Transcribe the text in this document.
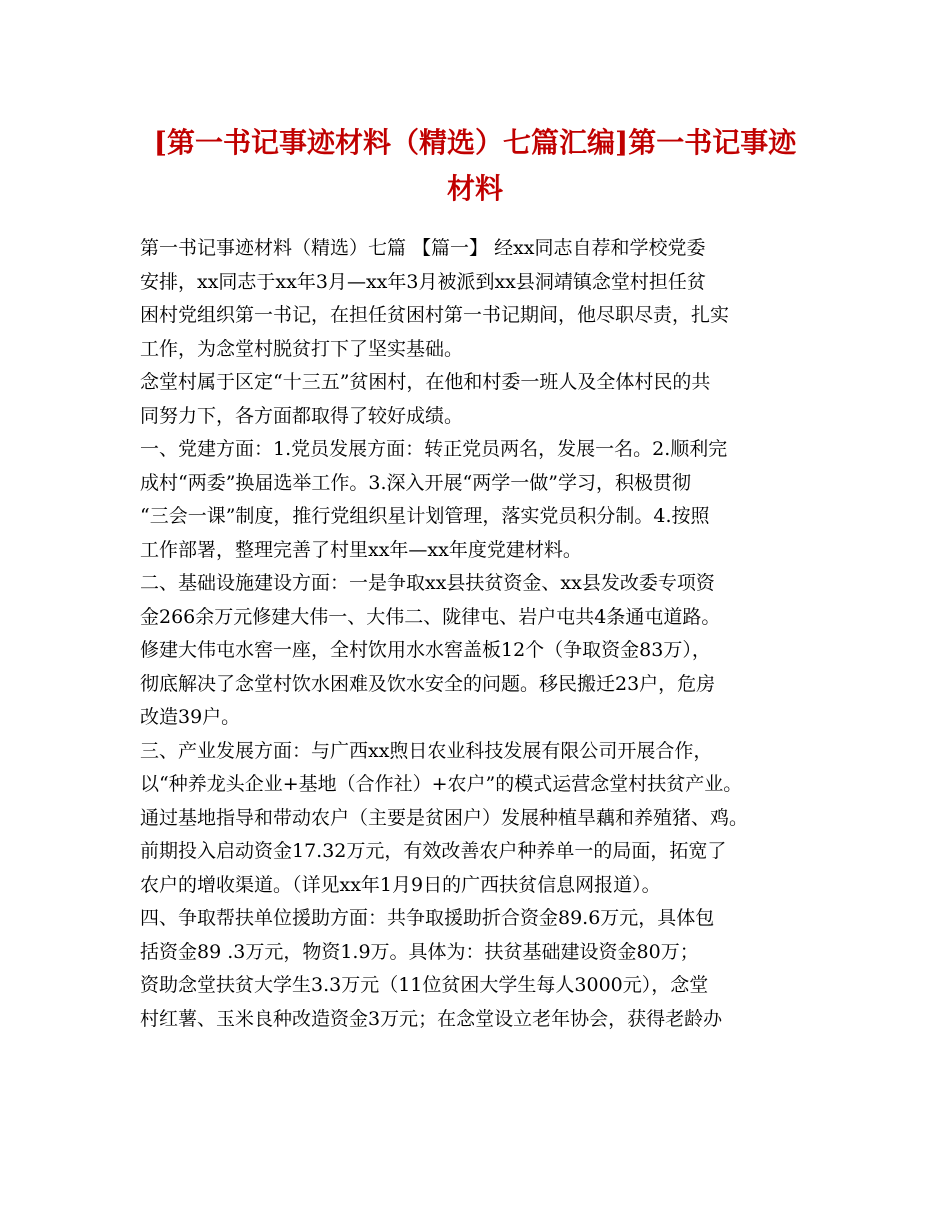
[第一书记事迹材料（精选）七篇汇编]第一书记事迹
材料
第一书记事迹材料（精选）七篇 【篇一】 经xx同志自荐和学校党委
安排，xx同志于xx年3月—xx年3月被派到xx县洞靖镇念堂村担任贫
困村党组织第一书记，在担任贫困村第一书记期间，他尽职尽责，扎实
工作，为念堂村脱贫打下了坚实基础。
念堂村属于区定“十三五”贫困村，在他和村委一班人及全体村民的共
同努力下，各方面都取得了较好成绩。
一、党建方面：1.党员发展方面：转正党员两名，发展一名。2.顺利完
成村“两委”换届选举工作。3.深入开展“两学一做”学习，积极贯彻
“三会一课”制度，推行党组织星计划管理，落实党员积分制。4.按照
工作部署，整理完善了村里xx年—xx年度党建材料。
二、基础设施建设方面：一是争取xx县扶贫资金、xx县发改委专项资
金266余万元修建大伟一、大伟二、陇律屯、岩户屯共4条通屯道路。
修建大伟屯水窖一座，全村饮用水水窖盖板12个（争取资金83万），
彻底解决了念堂村饮水困难及饮水安全的问题。移民搬迁23户，危房
改造39户。
三、产业发展方面：与广西xx煦日农业科技发展有限公司开展合作，
以“种养龙头企业+基地（合作社）+农户”的模式运营念堂村扶贫产业。
通过基地指导和带动农户（主要是贫困户）发展种植旱藕和养殖猪、鸡。
前期投入启动资金17.32万元，有效改善农户种养单一的局面，拓宽了
农户的增收渠道。（详见xx年1月9日的广西扶贫信息网报道）。
四、争取帮扶单位援助方面：共争取援助折合资金89.6万元，具体包
括资金89 .3万元，物资1.9万。具体为：扶贫基础建设资金80万；
资助念堂扶贫大学生3.3万元（11位贫困大学生每人3000元），念堂
村红薯、玉米良种改造资金3万元；在念堂设立老年协会，获得老龄办
